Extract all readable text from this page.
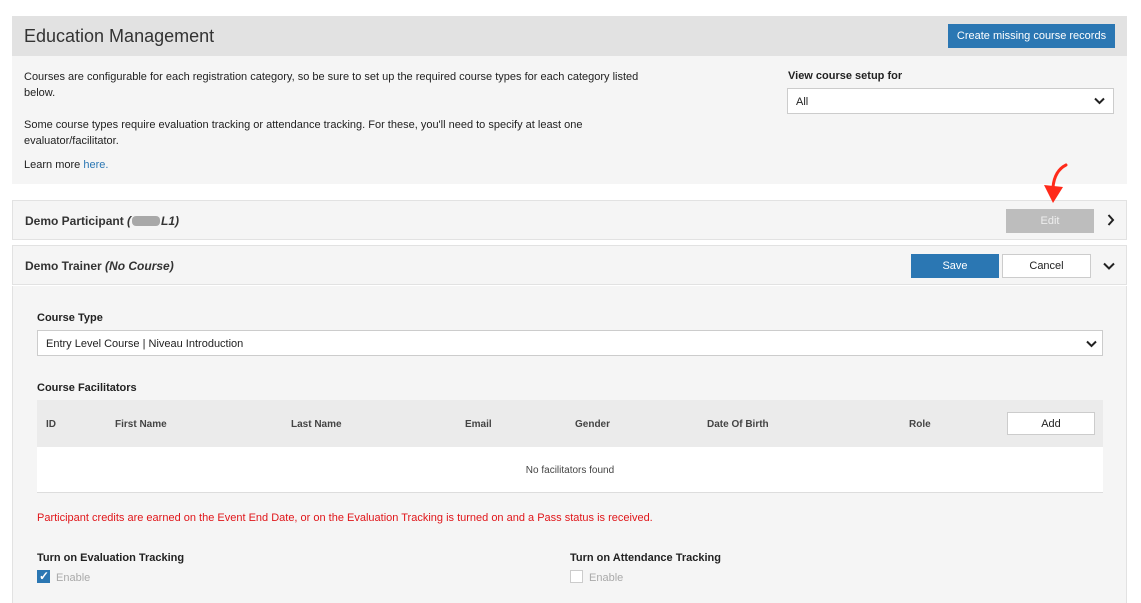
Education Management	Create missing course records

Courses are configurable for each registration category, so be sure to set up the required course types for each category listed below.

Some course types require evaluation tracking or attendance tracking. For these, you'll need to specify at least one evaluator/facilitator.

Learn more here.

View course setup for
All
Demo Participant (	L1)	Edit
Demo Trainer (No Course)	Save	Cancel
Course Type
Entry Level Course | Niveau Introduction
Course Facilitators
ID	First Name	Last Name	Email	Gender	Date Of Birth	Role	Add
No facilitators found
Participant credits are earned on the Event End Date, or on the Evaluation Tracking is turned on and a Pass status is received.
Turn on Evaluation Tracking
✓ Enable
Turn on Attendance Tracking
Enable
